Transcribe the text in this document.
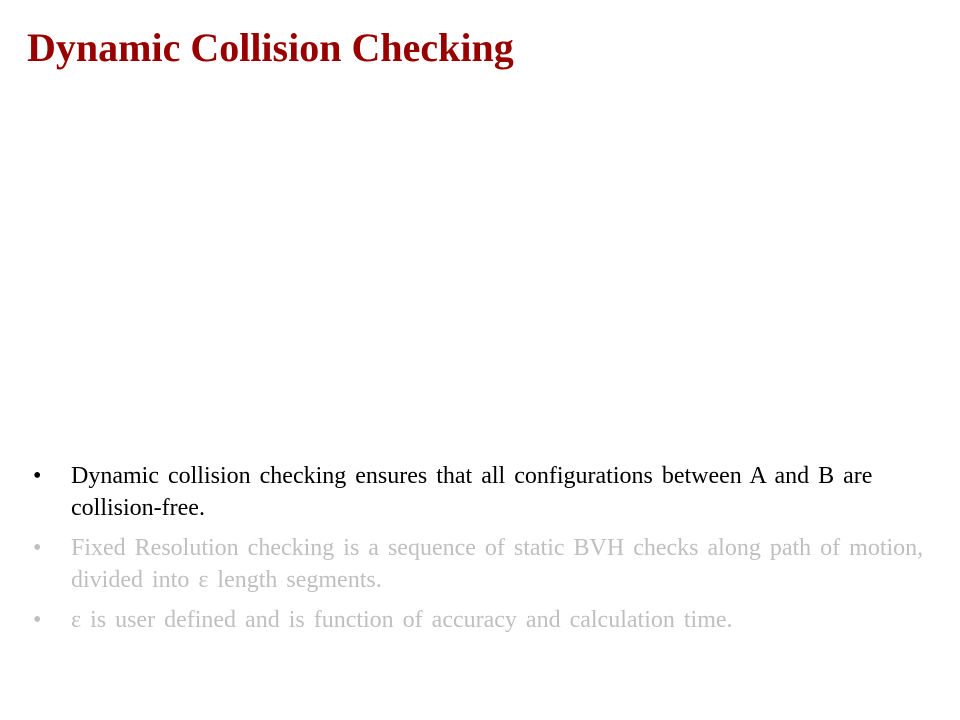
Dynamic Collision Checking
• Dynamic collision checking ensures that all configurations between A and B are collision-free.
• Fixed Resolution checking is a sequence of static BVH checks along path of motion, divided into ε length segments.
• ε is user defined and is function of accuracy and calculation time.
